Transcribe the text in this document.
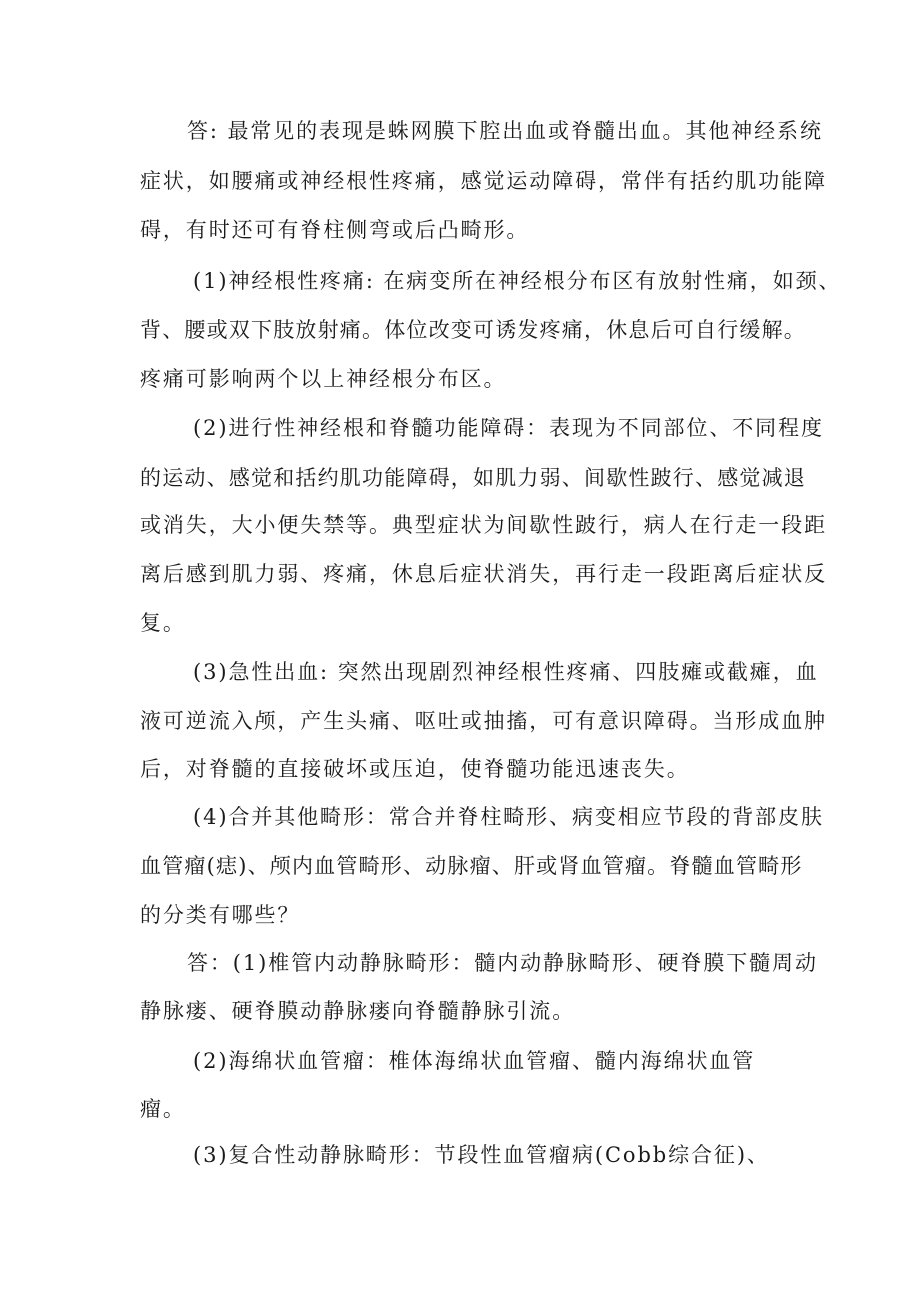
答: 最常见的表现是蛛网膜下腔出血或脊髓出血。其他神经系统
症状，如腰痛或神经根性疼痛，感觉运动障碍，常伴有括约肌功能障
碍，有时还可有脊柱侧弯或后凸畸形。
(1)神经根性疼痛: 在病变所在神经根分布区有放射性痛，如颈、
背、腰或双下肢放射痛。体位改变可诱发疼痛，休息后可自行缓解。
疼痛可影响两个以上神经根分布区。
(2)进行性神经根和脊髓功能障碍：表现为不同部位、不同程度
的运动、感觉和括约肌功能障碍，如肌力弱、间歇性跛行、感觉减退
或消失，大小便失禁等。典型症状为间歇性跛行，病人在行走一段距
离后感到肌力弱、疼痛，休息后症状消失，再行走一段距离后症状反
复。
(3)急性出血: 突然出现剧烈神经根性疼痛、四肢瘫或截瘫，血
液可逆流入颅，产生头痛、呕吐或抽搐，可有意识障碍。当形成血肿
后，对脊髓的直接破坏或压迫，使脊髓功能迅速丧失。
(4)合并其他畸形：常合并脊柱畸形、病变相应节段的背部皮肤
血管瘤(痣)、颅内血管畸形、动脉瘤、肝或肾血管瘤。脊髓血管畸形
的分类有哪些？
答：(1)椎管内动静脉畸形：髓内动静脉畸形、硬脊膜下髓周动
静脉瘘、硬脊膜动静脉瘘向脊髓静脉引流。
(2)海绵状血管瘤：椎体海绵状血管瘤、髓内海绵状血管
瘤。
(3)复合性动静脉畸形：节段性血管瘤病(Cobb综合征)、
